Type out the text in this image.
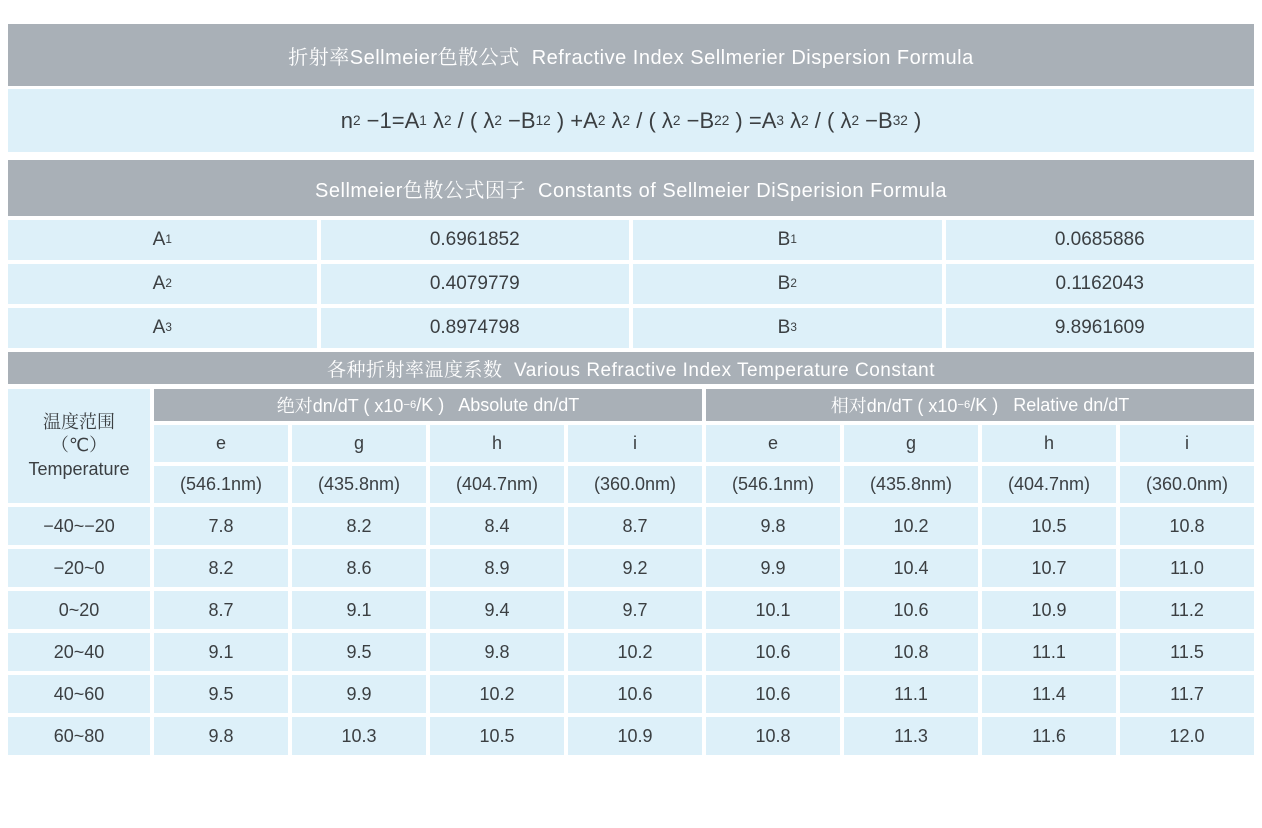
折射率Sellmeier色散公式  Refractive Index Sellmerier Dispersion Formula
n 2 −1=A 1 λ 2 / ( λ 2 −B 1 2 ) +A 2 λ 2 / ( λ 2 −B 2 2 ) =A 3 λ 2 / ( λ 2 −B 3 2 )
Sellmeier色散公式因子  Constants of Sellmeier DiSperision Formula
A 1	0.6961852	B 1	0.0685886
A 2	0.4079779	B 2	0.1162043
A 3	0.8974798	B 3	9.8961609
各种折射率温度系数  Various Refractive Index Temperature Constant
温度范围
（℃）
Temperature
绝对dn/dT ( x10 −6 /K )   Absolute dn/dT	相对dn/dT ( x10 −6 /K )   Relative dn/dT
e	g	h	i	e	g	h	i
(546.1nm)	(435.8nm)	(404.7nm)	(360.0nm)	(546.1nm)	(435.8nm)	(404.7nm)	(360.0nm)
−40~−20	7.8	8.2	8.4	8.7	9.8	10.2	10.5	10.8
−20~0	8.2	8.6	8.9	9.2	9.9	10.4	10.7	11.0
0~20	8.7	9.1	9.4	9.7	10.1	10.6	10.9	11.2
20~40	9.1	9.5	9.8	10.2	10.6	10.8	11.1	11.5
40~60	9.5	9.9	10.2	10.6	10.6	11.1	11.4	11.7
60~80	9.8	10.3	10.5	10.9	10.8	11.3	11.6	12.0
